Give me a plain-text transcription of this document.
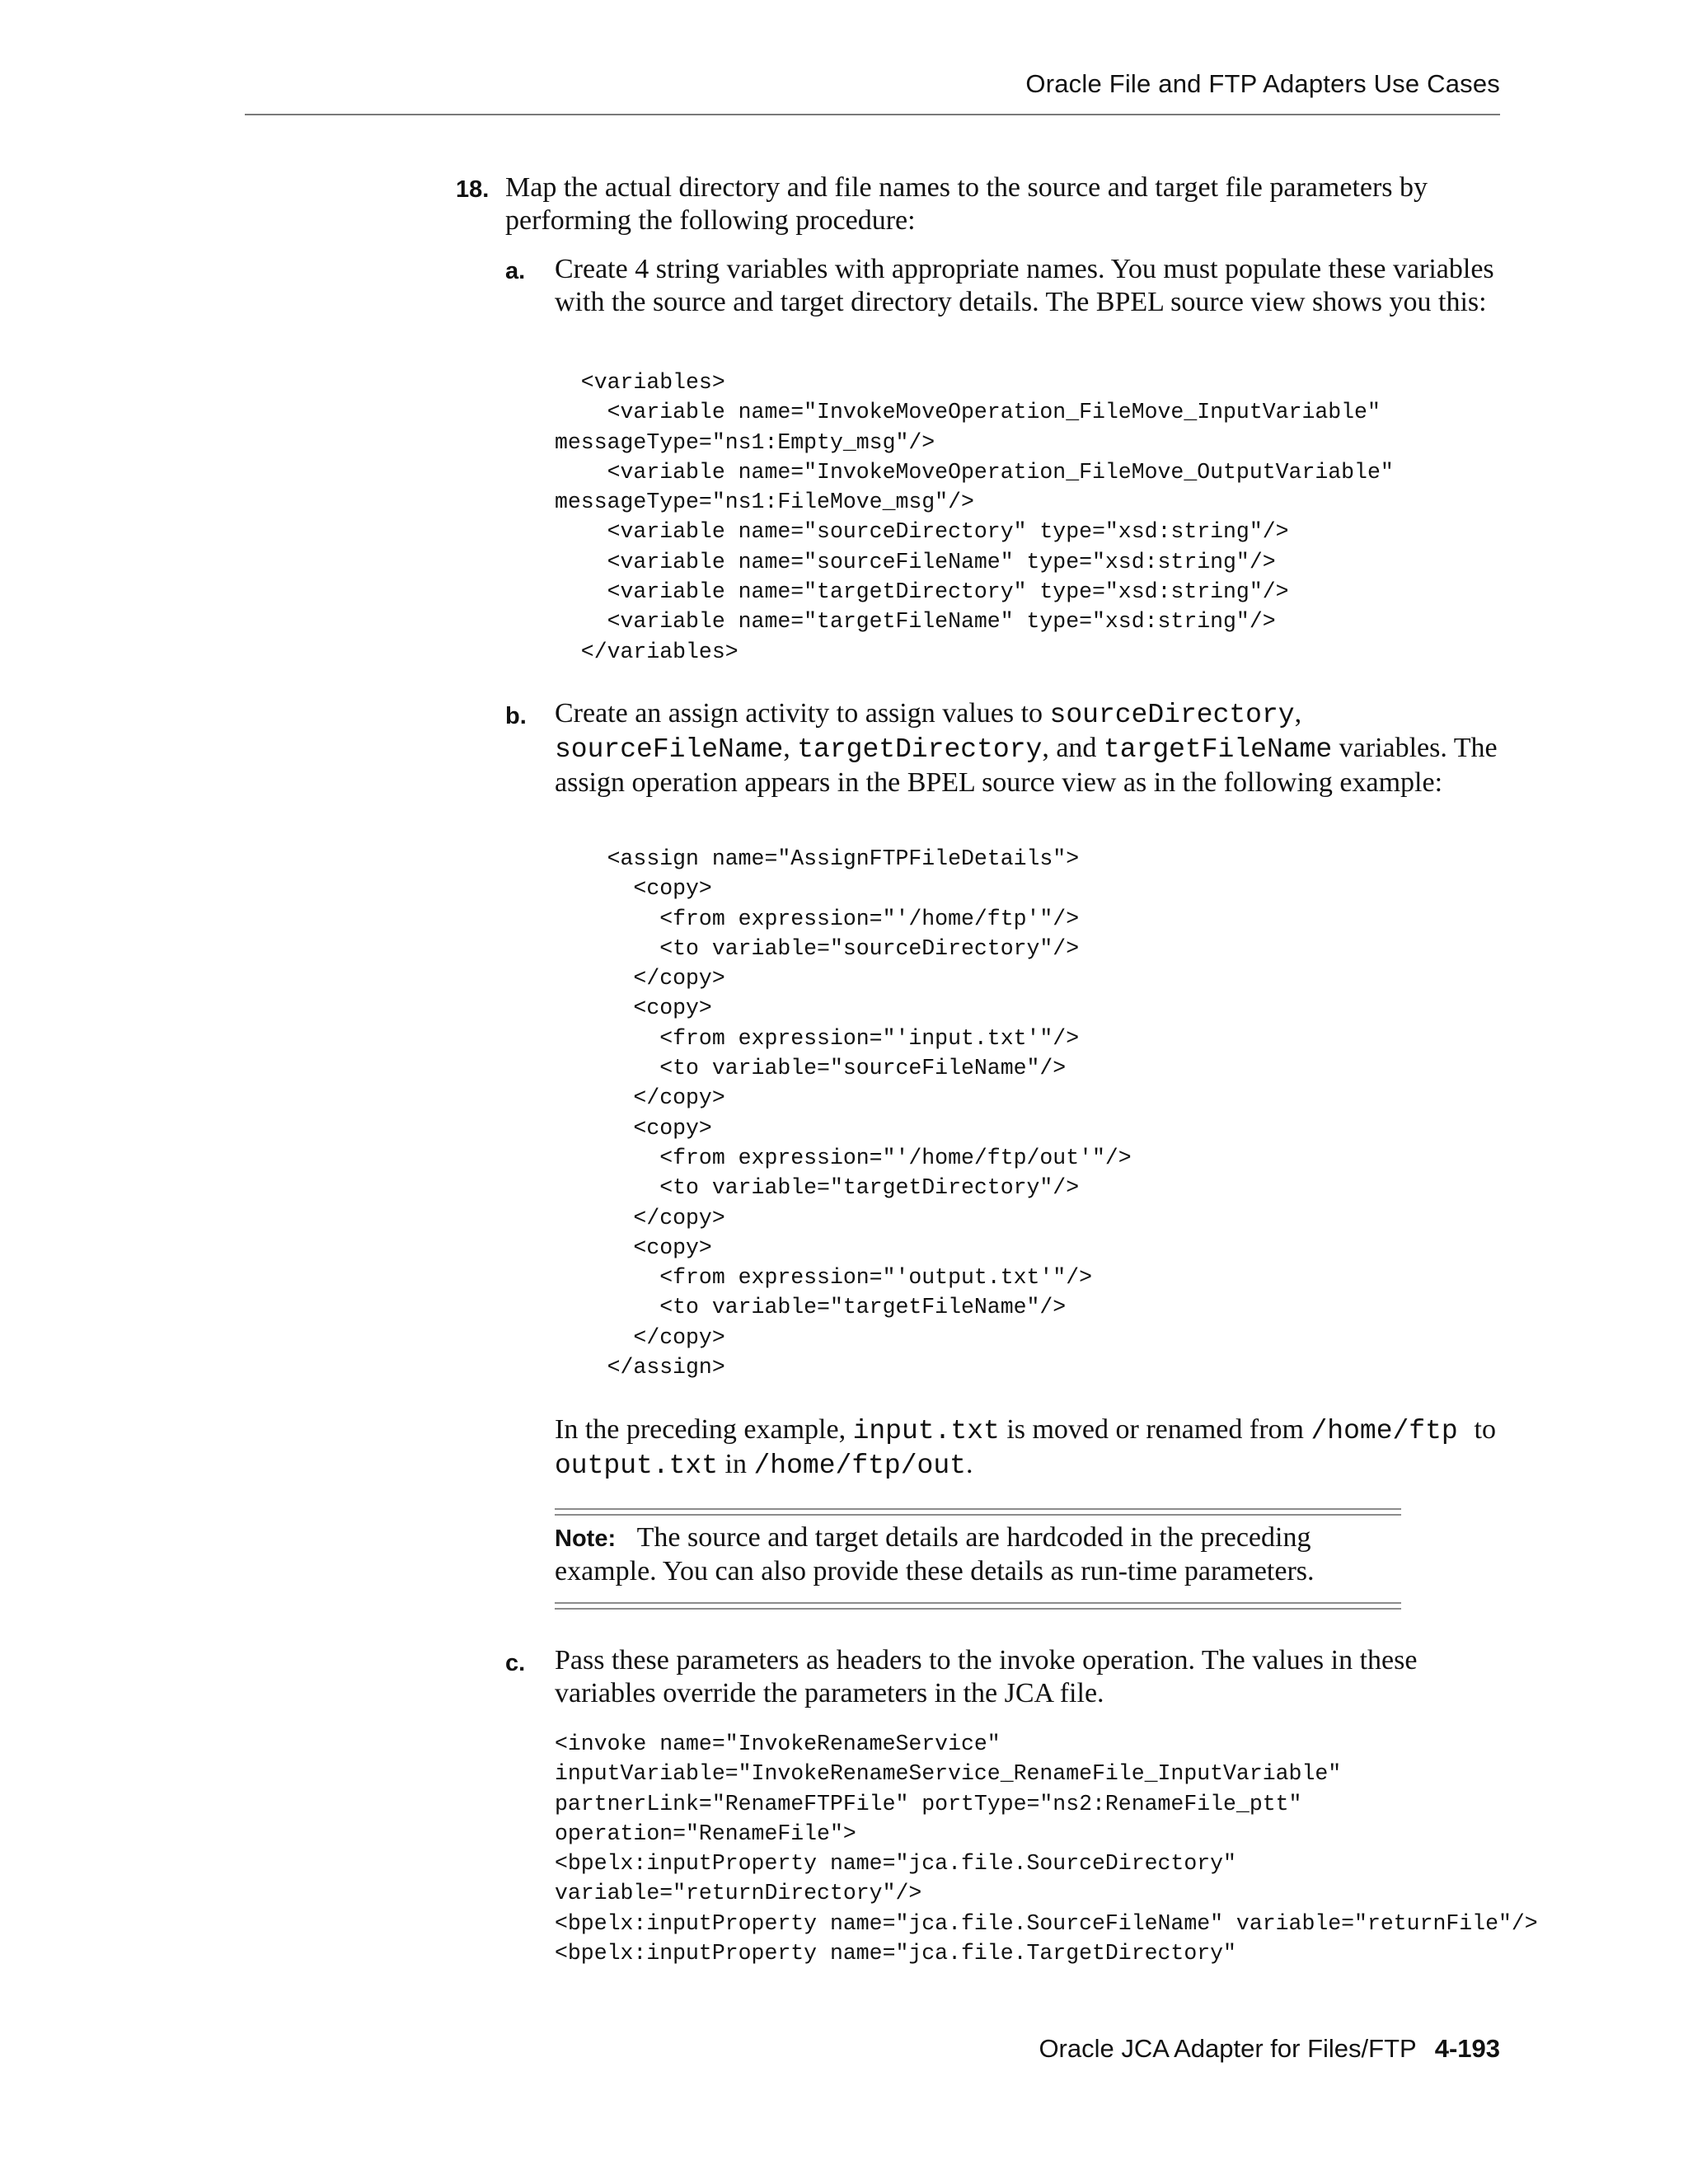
Oracle File and FTP Adapters Use Cases
18. Map the actual directory and file names to the source and target file parameters by performing the following procedure:
a. Create 4 string variables with appropriate names. You must populate these variables with the source and target directory details. The BPEL source view shows you this:
<variables>
<variable name="InvokeMoveOperation_FileMove_InputVariable"
messageType="ns1:Empty_msg"/>
<variable name="InvokeMoveOperation_FileMove_OutputVariable"
messageType="ns1:FileMove_msg"/>
<variable name="sourceDirectory" type="xsd:string"/>
<variable name="sourceFileName" type="xsd:string"/>
<variable name="targetDirectory" type="xsd:string"/>
<variable name="targetFileName" type="xsd:string"/>
</variables>
b. Create an assign activity to assign values to sourceDirectory, sourceFileName, targetDirectory, and targetFileName variables. The assign operation appears in the BPEL source view as in the following example:
<assign name="AssignFTPFileDetails">
<copy>
<from expression="'/home/ftp'"/>
<to variable="sourceDirectory"/>
</copy>
<copy>
<from expression="'input.txt'"/>
<to variable="sourceFileName"/>
</copy>
<copy>
<from expression="'/home/ftp/out'"/>
<to variable="targetDirectory"/>
</copy>
<copy>
<from expression="'output.txt'"/>
<to variable="targetFileName"/>
</copy>
</assign>
In the preceding example, input.txt is moved or renamed from /home/ftp to output.txt in /home/ftp/out.
Note: The source and target details are hardcoded in the preceding example. You can also provide these details as run-time parameters.
c. Pass these parameters as headers to the invoke operation. The values in these variables override the parameters in the JCA file.
<invoke name="InvokeRenameService"
inputVariable="InvokeRenameService_RenameFile_InputVariable"
partnerLink="RenameFTPFile" portType="ns2:RenameFile_ptt"
operation="RenameFile">
<bpelx:inputProperty name="jca.file.SourceDirectory"
variable="returnDirectory"/>
<bpelx:inputProperty name="jca.file.SourceFileName" variable="returnFile"/>
<bpelx:inputProperty name="jca.file.TargetDirectory"
Oracle JCA Adapter for Files/FTP 4-193
